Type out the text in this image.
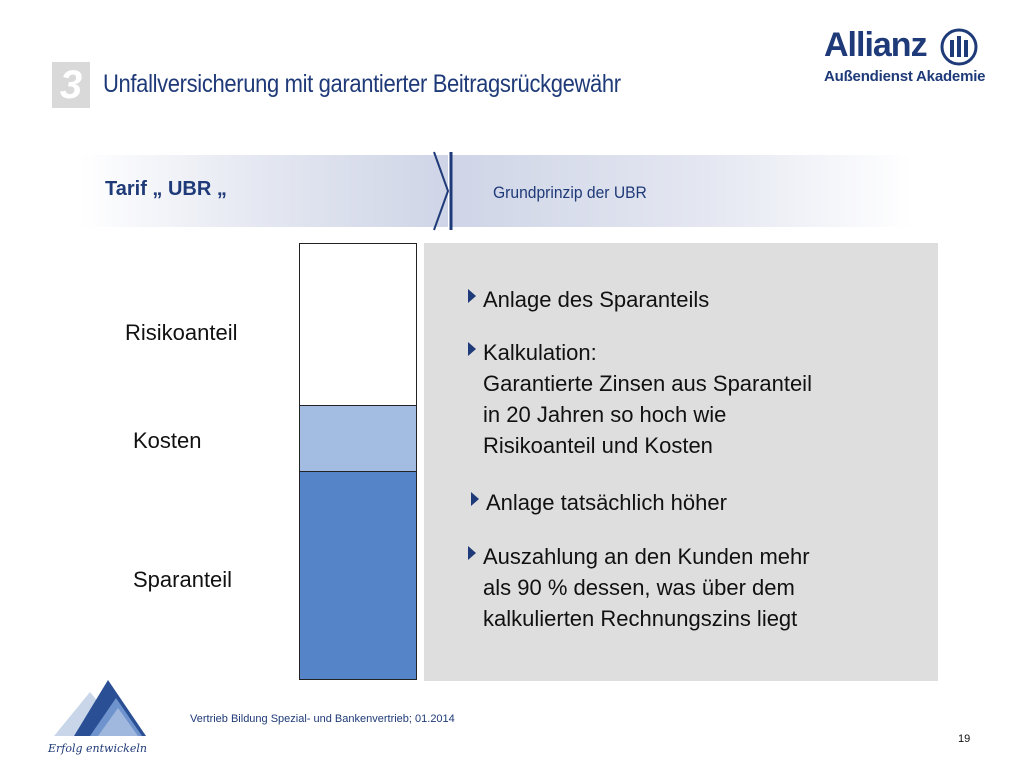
3 Unfallversicherung mit garantierter Beitragsrückgewähr
Allianz
Außendienst Akademie
Tarif „ UBR „	Grundprinzip der UBR
Risikoanteil
Kosten
Sparanteil
Anlage des Sparanteils
Kalkulation:
Garantierte Zinsen aus Sparanteil
in 20 Jahren so hoch wie
Risikoanteil und Kosten
Anlage tatsächlich höher
Auszahlung an den Kunden mehr
als 90 % dessen, was über dem
kalkulierten Rechnungszins liegt
Erfolg entwickeln
Vertrieb Bildung Spezial- und Bankenvertrieb; 01.2014
19
